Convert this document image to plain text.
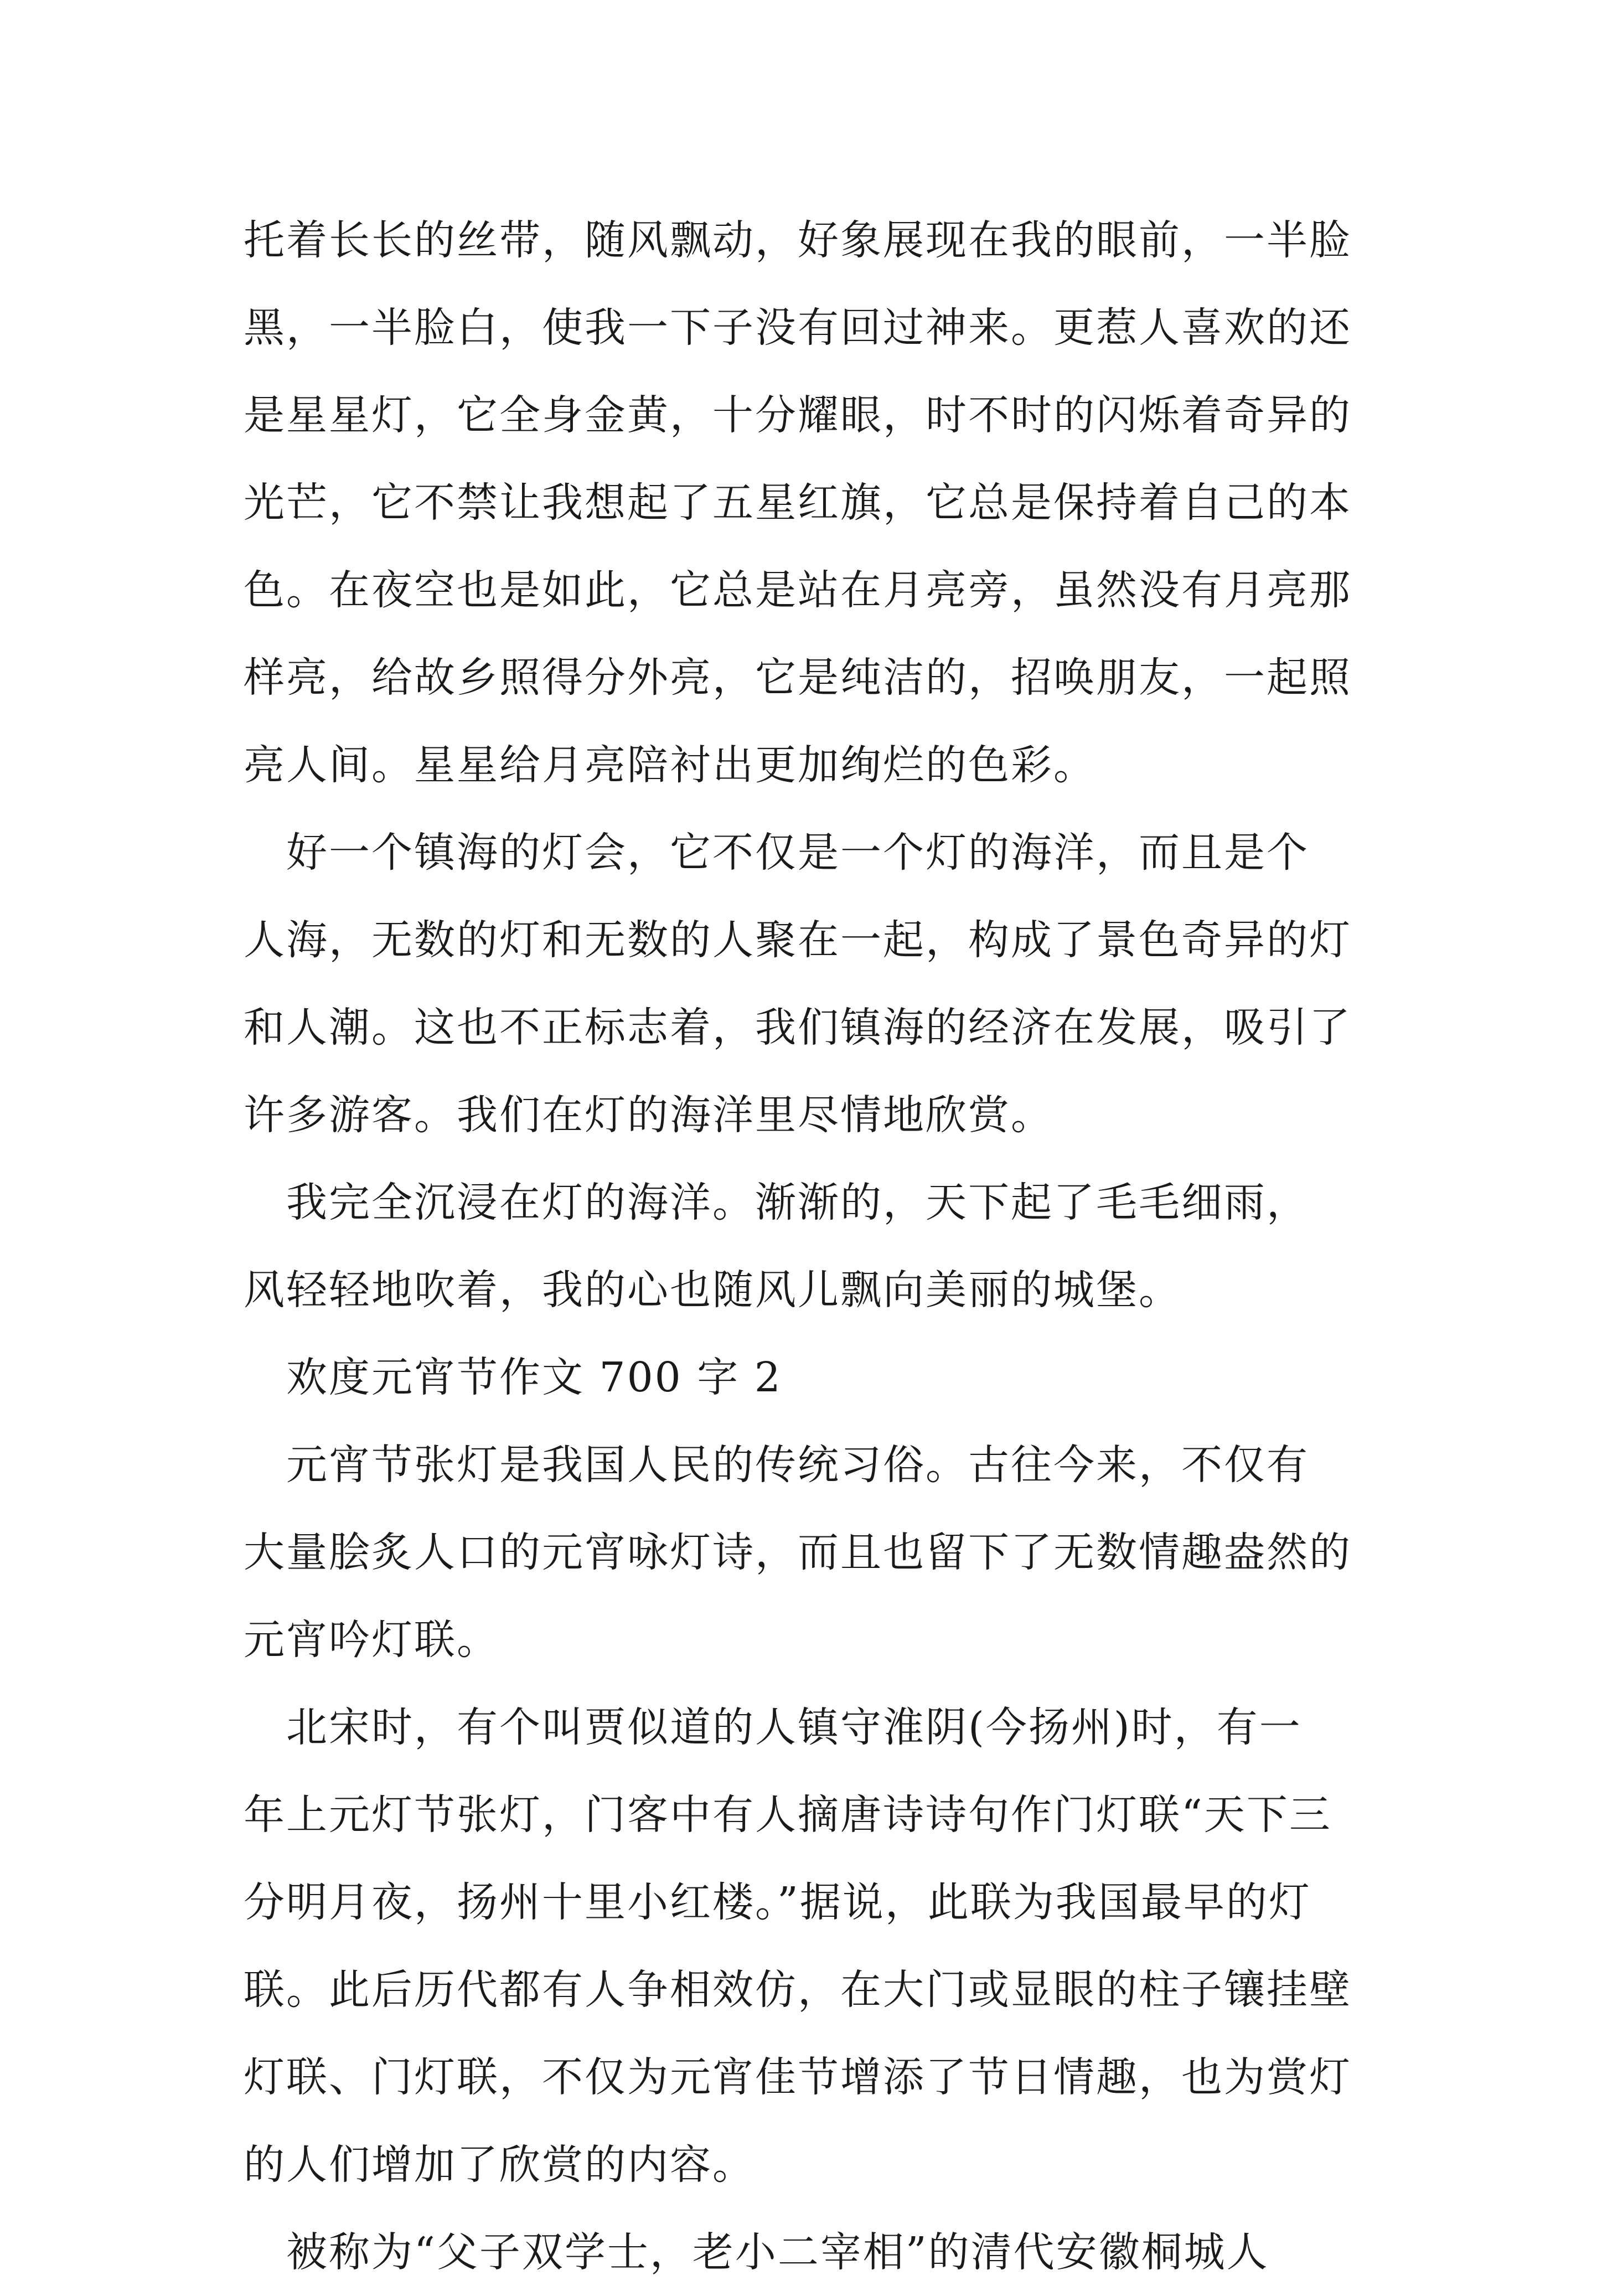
托着长长的丝带，随风飘动，好象展现在我的眼前，一半脸
黑，一半脸白，使我一下子没有回过神来。更惹人喜欢的还
是星星灯，它全身金黄，十分耀眼，时不时的闪烁着奇异的
光芒，它不禁让我想起了五星红旗，它总是保持着自己的本
色。在夜空也是如此，它总是站在月亮旁，虽然没有月亮那
样亮，给故乡照得分外亮，它是纯洁的，招唤朋友，一起照
亮人间。星星给月亮陪衬出更加绚烂的色彩。
　好一个镇海的灯会，它不仅是一个灯的海洋，而且是个
人海，无数的灯和无数的人聚在一起，构成了景色奇异的灯
和人潮。这也不正标志着，我们镇海的经济在发展，吸引了
许多游客。我们在灯的海洋里尽情地欣赏。
　我完全沉浸在灯的海洋。渐渐的，天下起了毛毛细雨，
风轻轻地吹着，我的心也随风儿飘向美丽的城堡。
　欢度元宵节作文 700 字 2
　元宵节张灯是我国人民的传统习俗。古往今来，不仅有
大量脍炙人口的元宵咏灯诗，而且也留下了无数情趣盎然的
元宵吟灯联。
　北宋时，有个叫贾似道的人镇守淮阴(今扬州)时，有一
年上元灯节张灯，门客中有人摘唐诗诗句作门灯联“天下三
分明月夜，扬州十里小红楼。”据说，此联为我国最早的灯
联。此后历代都有人争相效仿，在大门或显眼的柱子镶挂壁
灯联、门灯联，不仅为元宵佳节增添了节日情趣，也为赏灯
的人们增加了欣赏的内容。
　被称为“父子双学士，老小二宰相”的清代安徽桐城人
